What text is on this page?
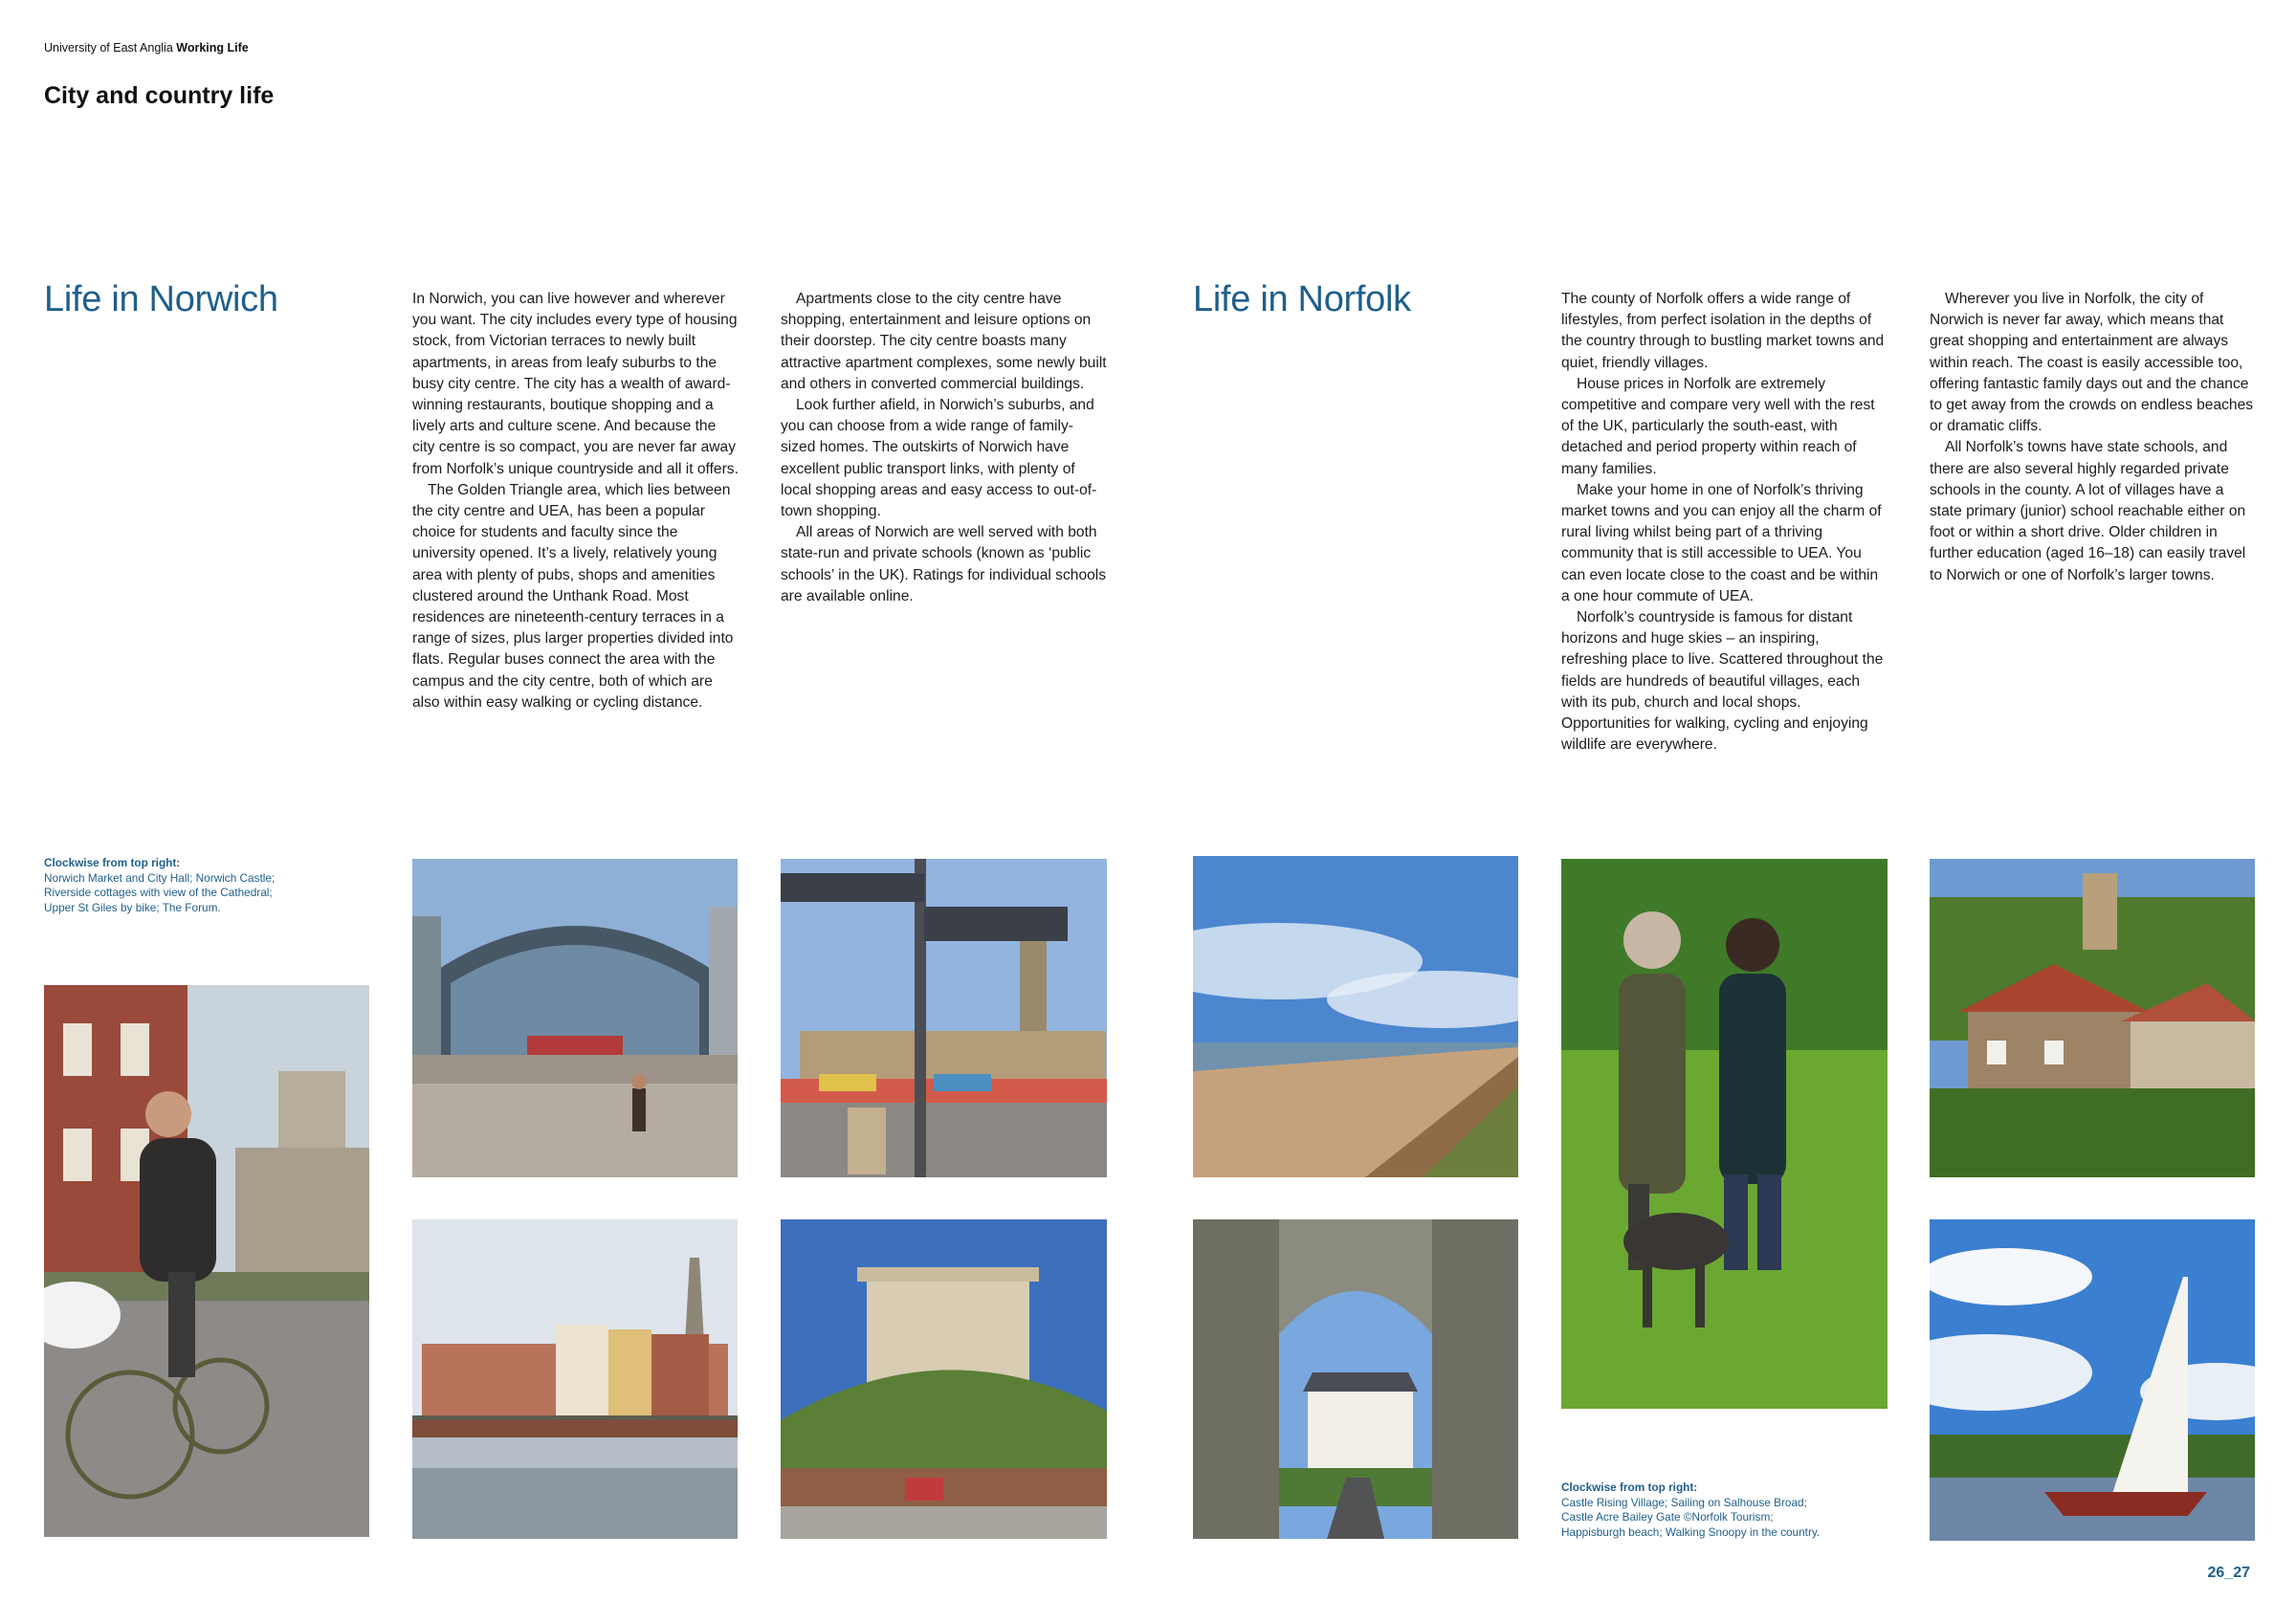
University of East Anglia Working Life
City and country life
Life in Norwich	In Norwich, you can live however and wherever you want. The city includes every type of housing stock, from Victorian terraces to newly built apartments, in areas from leafy suburbs to the busy city centre. The city has a wealth of award-winning restaurants, boutique shopping and a lively arts and culture scene. And because the city centre is so compact, you are never far away from Norfolk’s unique countryside and all it offers.

The Golden Triangle area, which lies between the city centre and UEA, has been a popular choice for students and faculty since the university opened. It’s a lively, relatively young area with plenty of pubs, shops and amenities clustered around the Unthank Road. Most residences are nineteenth-century terraces in a range of sizes, plus larger properties divided into flats. Regular buses connect the area with the campus and the city centre, both of which are also within easy walking or cycling distance.

Apartments close to the city centre have shopping, entertainment and leisure options on their doorstep. The city centre boasts many attractive apartment complexes, some newly built and others in converted commercial buildings.

Look further afield, in Norwich’s suburbs, and you can choose from a wide range of family-sized homes. The outskirts of Norwich have excellent public transport links, with plenty of local shopping areas and easy access to out-of-town shopping.

All areas of Norwich are well served with both state-run and private schools (known as ‘public schools’ in the UK). Ratings for individual schools are available online.

Life in Norfolk	The county of Norfolk offers a wide range of lifestyles, from perfect isolation in the depths of the country through to bustling market towns and quiet, friendly villages.

House prices in Norfolk are extremely competitive and compare very well with the rest of the UK, particularly the south-east, with detached and period property within reach of many families.

Make your home in one of Norfolk’s thriving market towns and you can enjoy all the charm of rural living whilst being part of a thriving community that is still accessible to UEA. You can even locate close to the coast and be within a one hour commute of UEA.

Norfolk’s countryside is famous for distant horizons and huge skies – an inspiring, refreshing place to live. Scattered throughout the fields are hundreds of beautiful villages, each with its pub, church and local shops. Opportunities for walking, cycling and enjoying wildlife are everywhere.

Wherever you live in Norfolk, the city of Norwich is never far away, which means that great shopping and entertainment are always within reach. The coast is easily accessible too, offering fantastic family days out and the chance to get away from the crowds on endless beaches or dramatic cliffs.

All Norfolk’s towns have state schools, and there are also several highly regarded private schools in the county. A lot of villages have a state primary (junior) school reachable either on foot or within a short drive. Older children in further education (aged 16–18) can easily travel to Norwich or one of Norfolk’s larger towns.

Clockwise from top right:
Norwich Market and City Hall; Norwich Castle;
Riverside cottages with view of the Cathedral;
Upper St Giles by bike; The Forum.
Clockwise from top right:
Castle Rising Village; Sailing on Salhouse Broad;
Castle Acre Bailey Gate ©Norfolk Tourism;
Happisburgh beach; Walking Snoopy in the country.
26_27
